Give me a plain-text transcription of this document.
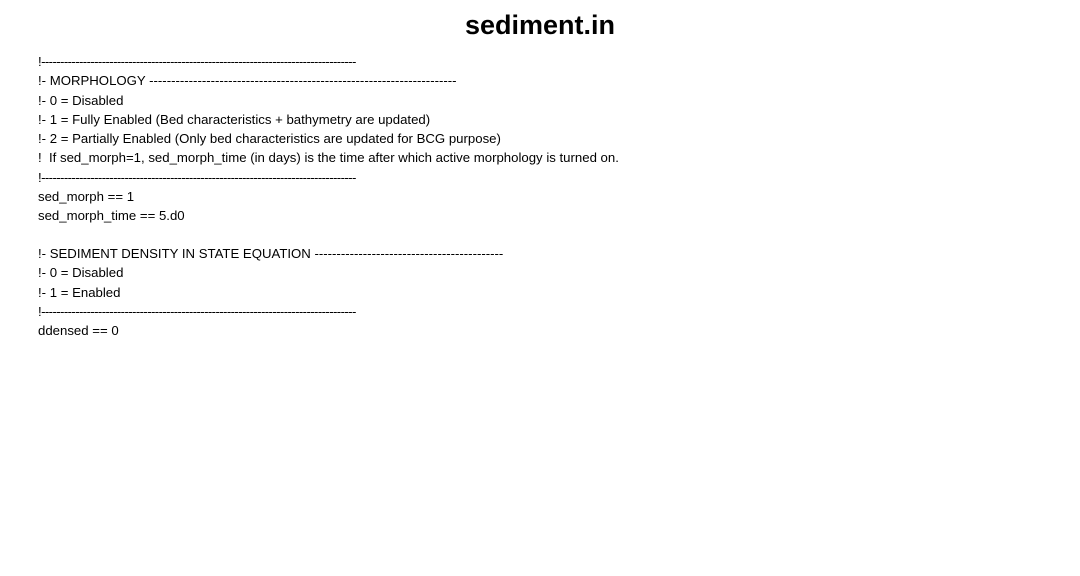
sediment.in
!-----------------------------------------------------------------------------------
!- MORPHOLOGY ----------------------------------------------------------------------
!- 0 = Disabled
!- 1 = Fully Enabled (Bed characteristics + bathymetry are updated)
!- 2 = Partially Enabled (Only bed characteristics are updated for BCG purpose)
!  If sed_morph=1, sed_morph_time (in days) is the time after which active morphology is turned on.
!-----------------------------------------------------------------------------------
sed_morph == 1
sed_morph_time == 5.d0
!- SEDIMENT DENSITY IN STATE EQUATION -------------------------------------------
!- 0 = Disabled
!- 1 = Enabled
!-----------------------------------------------------------------------------------
ddensed == 0
